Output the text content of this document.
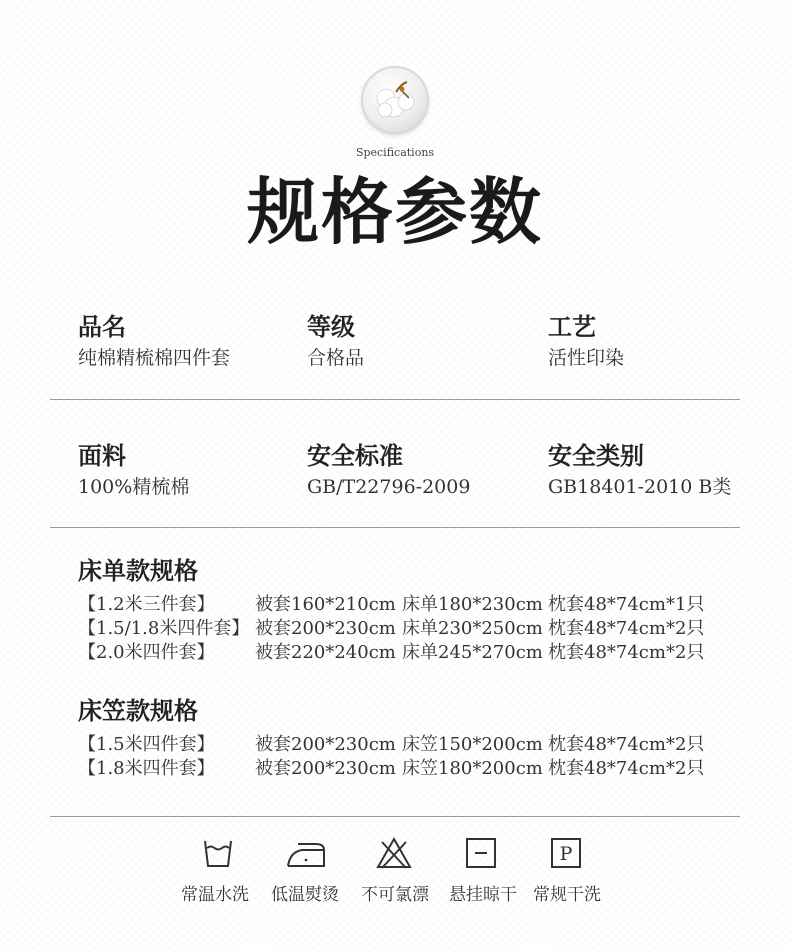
Specifications
规格参数
品名
纯棉精梳棉四件套
等级
合格品
工艺
活性印染
面料
100%精梳棉
安全标准
GB/T22796-2009
安全类别
GB18401-2010 B类
床单款规格
【1.2米三件套】 被套160*210cm 床单180*230cm 枕套48*74cm*1只
【1.5/1.8米四件套】 被套200*230cm 床单230*250cm 枕套48*74cm*2只
【2.0米四件套】 被套220*240cm 床单245*270cm 枕套48*74cm*2只
床笠款规格
【1.5米四件套】 被套200*230cm 床笠150*200cm 枕套48*74cm*2只
【1.8米四件套】 被套200*230cm 床笠180*200cm 枕套48*74cm*2只
常温水洗	低温熨烫	不可氯漂	悬挂晾干
P
常规干洗
